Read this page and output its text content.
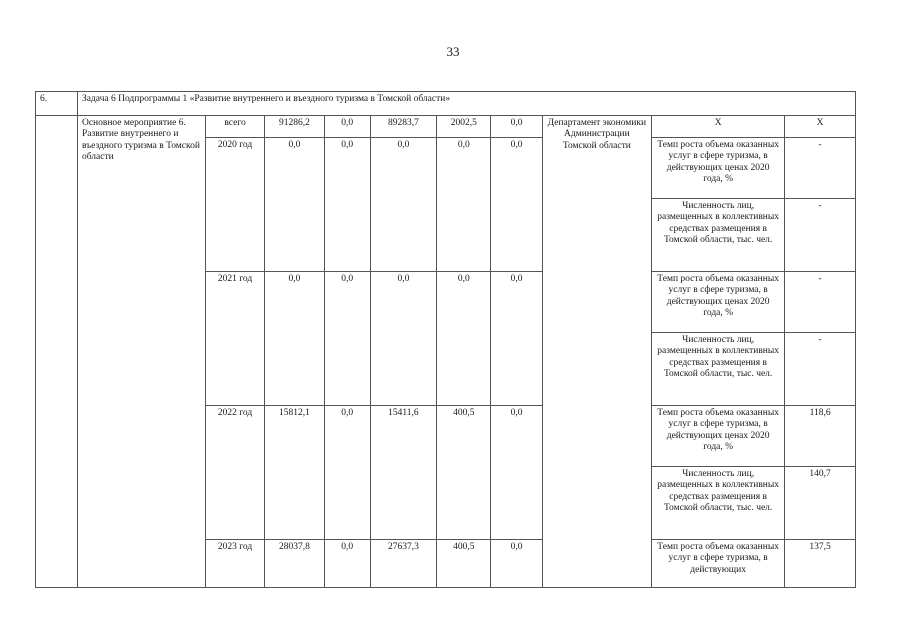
33
6.	Задача 6 Подпрограммы 1 «Развитие внутреннего и въездного туризма в Томской области»									
	Основное мероприятие 6. Развитие внутреннего и въездного туризма в Томской области	всего	91286,2	0,0	89283,7	2002,5	0,0	Департамент экономики Администрации Томской области	Х	Х
		2020 год	0,0	0,0	0,0	0,0	0,0		Темп роста объема оказанных услуг в сфере туризма, в действующих ценах 2020 года, %	-
									Численность лиц, размещенных в коллективных средствах размещения в Томской области, тыс. чел.	-
		2021 год	0,0	0,0	0,0	0,0	0,0		Темп роста объема оказанных услуг в сфере туризма, в действующих ценах 2020 года, %	-
									Численность лиц, размещенных в коллективных средствах размещения в Томской области, тыс. чел.	-
		2022 год	15812,1	0,0	15411,6	400,5	0,0		Темп роста объема оказанных услуг в сфере туризма, в действующих ценах 2020 года, %	118,6
									Численность лиц, размещенных в коллективных средствах размещения в Томской области, тыс. чел.	140,7
		2023 год	28037,8	0,0	27637,3	400,5	0,0		Темп роста объема оказанных услуг в сфере туризма, в действующих	137,5
